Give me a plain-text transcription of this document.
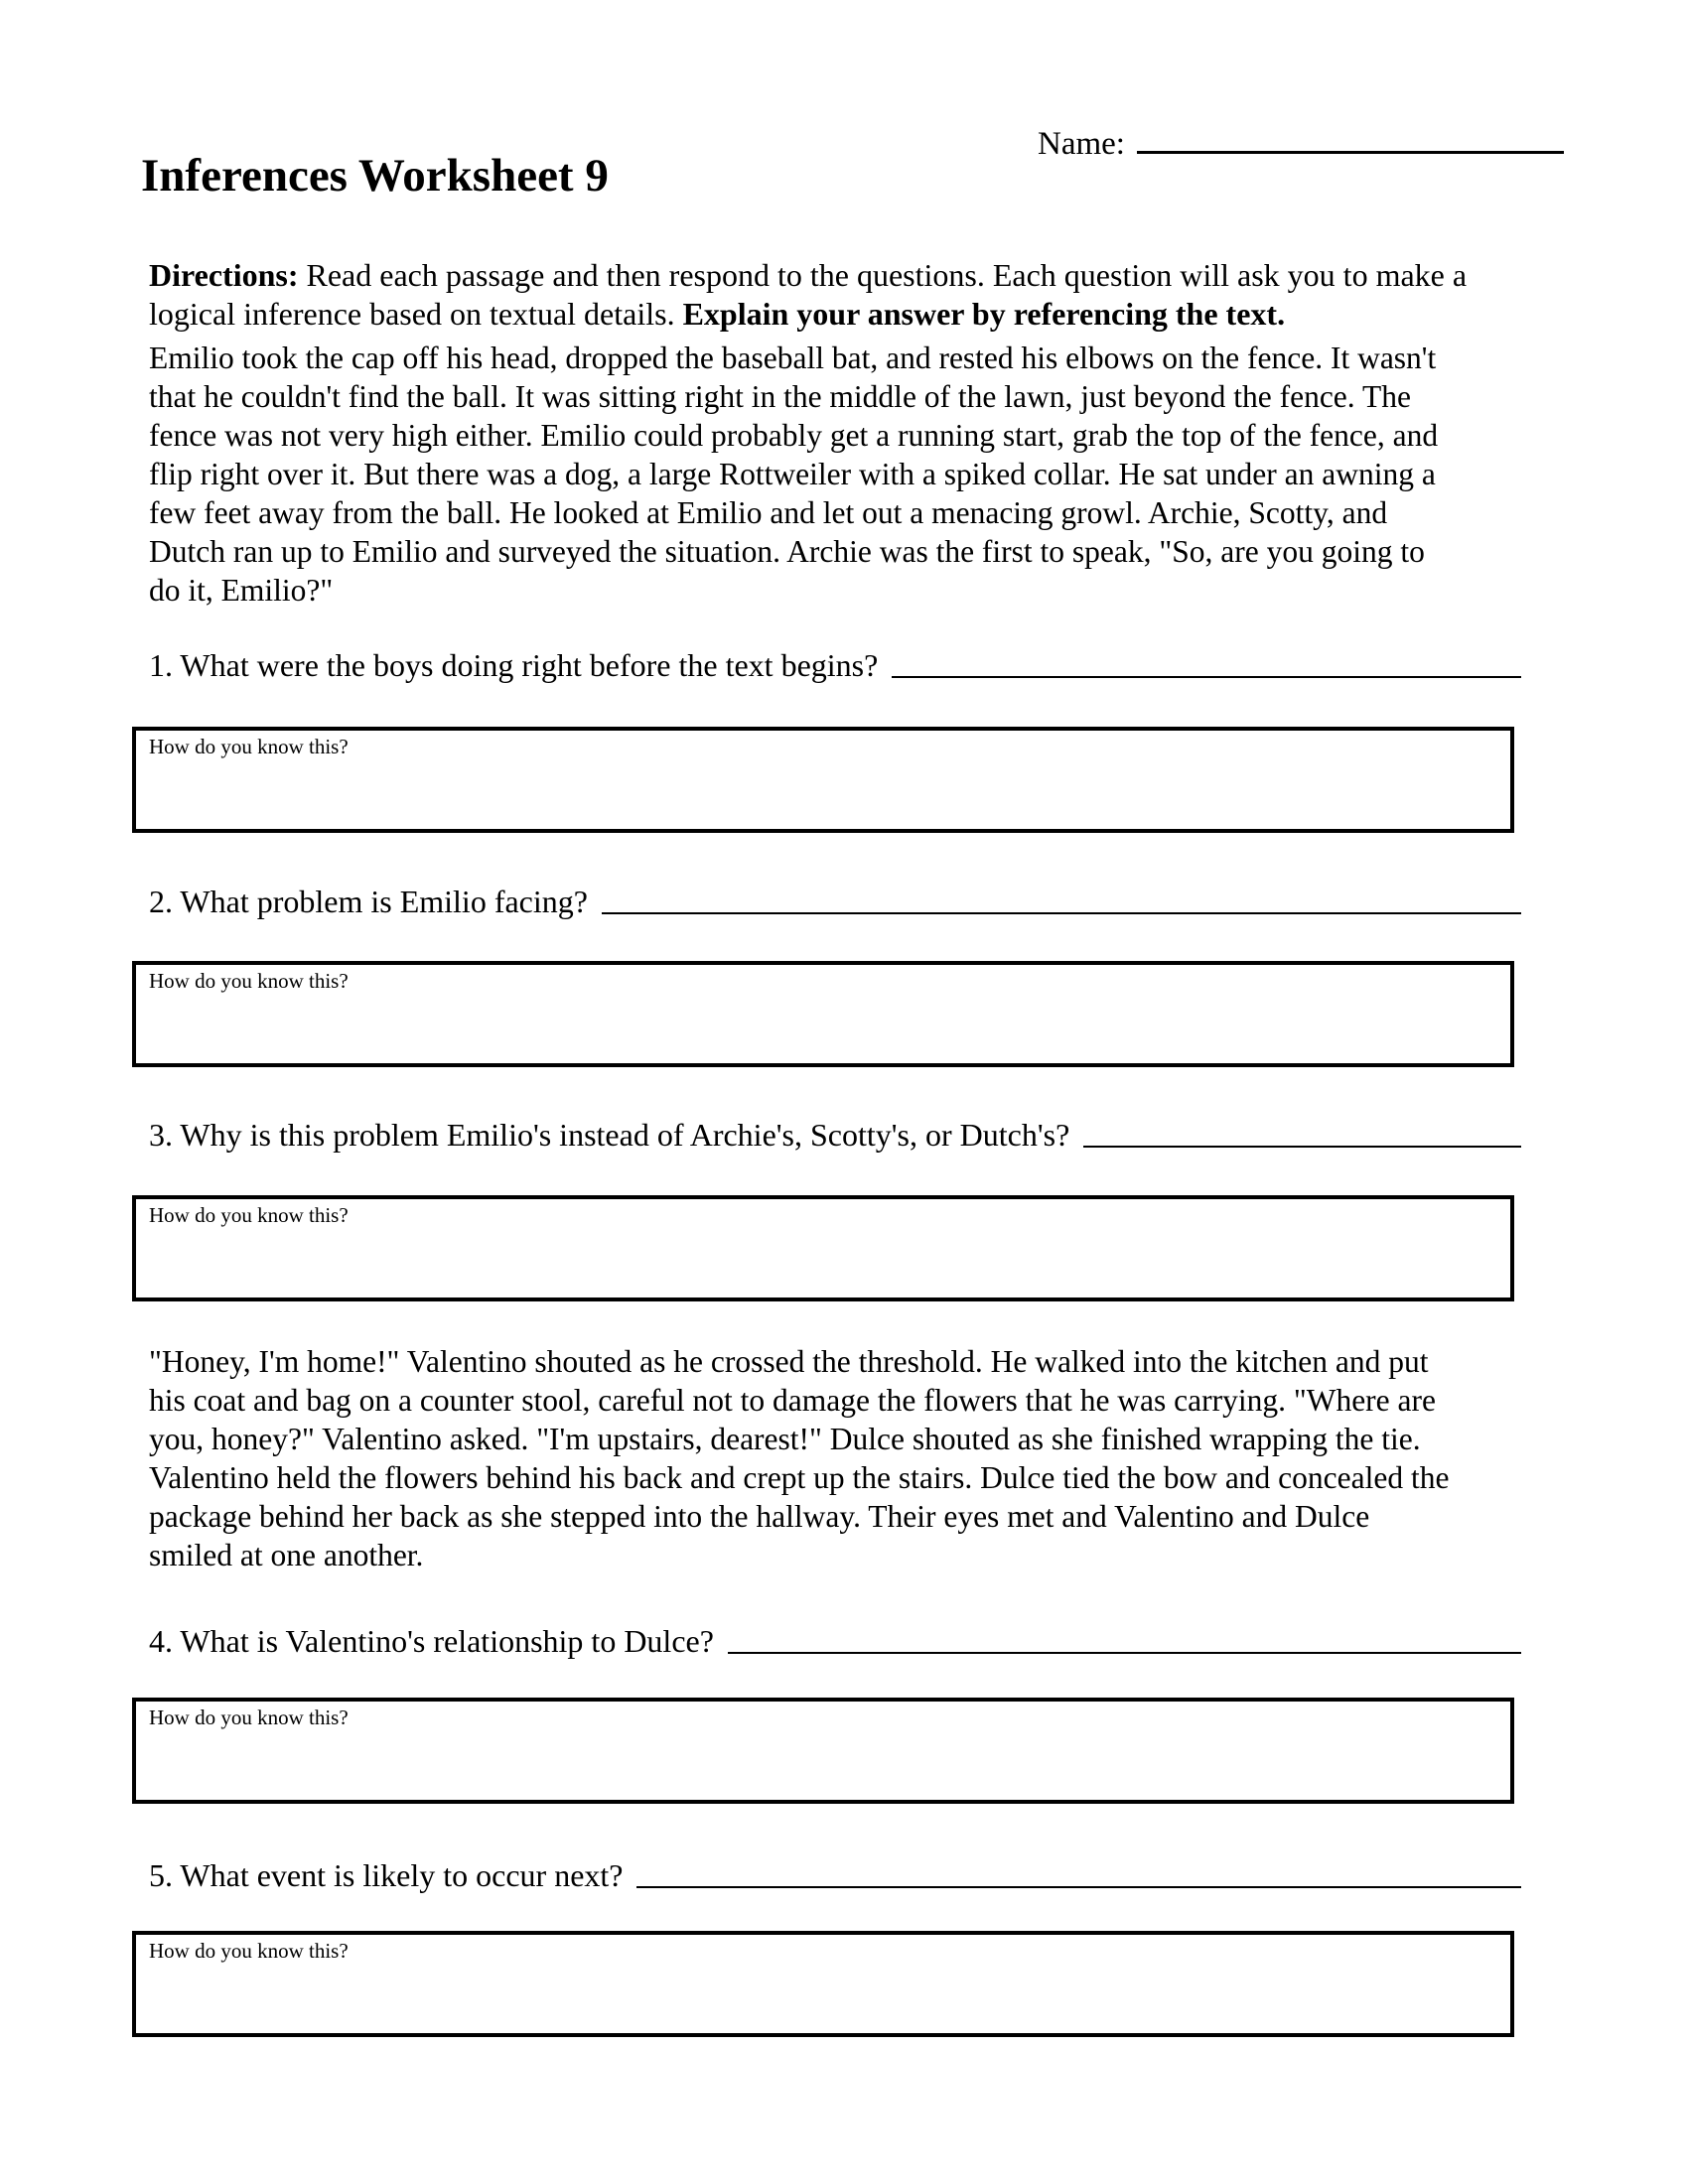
Name:
Inferences Worksheet 9

Directions: Read each passage and then respond to the questions. Each question will ask you to make a logical inference based on textual details. Explain your answer by referencing the text.

Emilio took the cap off his head, dropped the baseball bat, and rested his elbows on the fence. It wasn't
that he couldn't find the ball. It was sitting right in the middle of the lawn, just beyond the fence. The
fence was not very high either. Emilio could probably get a running start, grab the top of the fence, and
flip right over it. But there was a dog, a large Rottweiler with a spiked collar. He sat under an awning a
few feet away from the ball. He looked at Emilio and let out a menacing growl. Archie, Scotty, and
Dutch ran up to Emilio and surveyed the situation. Archie was the first to speak, "So, are you going to
do it, Emilio?"
1. What were the boys doing right before the text begins?
How do you know this?
2. What problem is Emilio facing?
How do you know this?
3. Why is this problem Emilio's instead of Archie's, Scotty's, or Dutch's?
How do you know this?
"Honey, I'm home!" Valentino shouted as he crossed the threshold. He walked into the kitchen and put
his coat and bag on a counter stool, careful not to damage the flowers that he was carrying. "Where are
you, honey?" Valentino asked. "I'm upstairs, dearest!" Dulce shouted as she finished wrapping the tie.
Valentino held the flowers behind his back and crept up the stairs. Dulce tied the bow and concealed the
package behind her back as she stepped into the hallway. Their eyes met and Valentino and Dulce
smiled at one another.
4. What is Valentino's relationship to Dulce?
How do you know this?
5. What event is likely to occur next?
How do you know this?
